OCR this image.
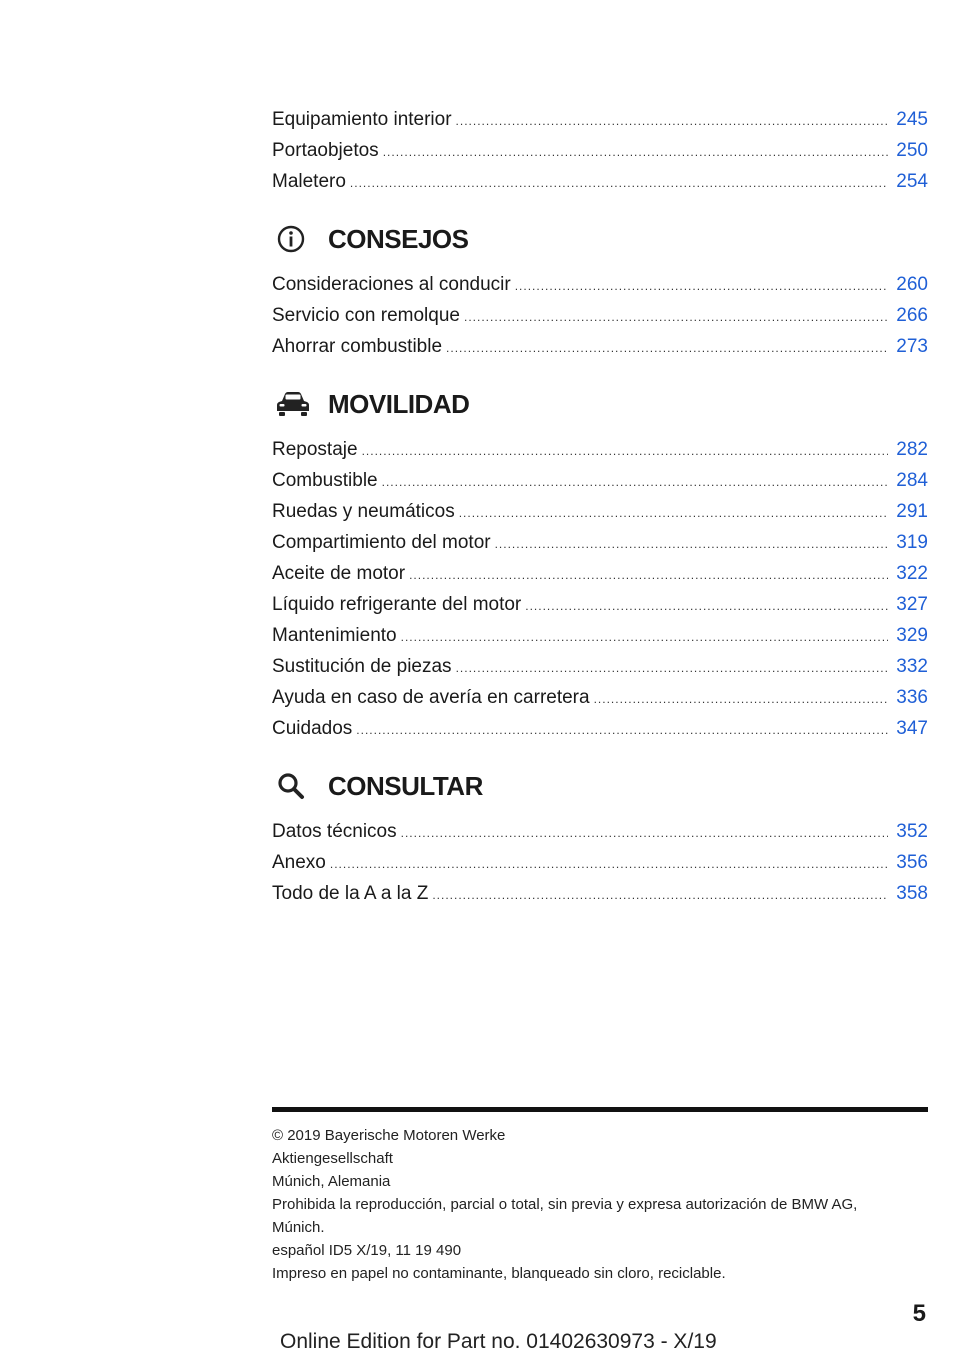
Equipamiento interior .....	245
Portaobjetos .....	250
Maletero .....	254
CONSEJOS
Consideraciones al conducir .....	260
Servicio con remolque .....	266
Ahorrar combustible .....	273
MOVILIDAD
Repostaje .....	282
Combustible .....	284
Ruedas y neumáticos .....	291
Compartimiento del motor .....	319
Aceite de motor .....	322
Líquido refrigerante del motor .....	327
Mantenimiento .....	329
Sustitución de piezas .....	332
Ayuda en caso de avería en carretera .....	336
Cuidados .....	347
CONSULTAR
Datos técnicos .....	352
Anexo .....	356
Todo de la A a la Z .....	358
© 2019 Bayerische Motoren Werke
Aktiengesellschaft
Múnich, Alemania
Prohibida la reproducción, parcial o total, sin previa y expresa autorización de BMW AG,
Múnich.
español ID5 X/19, 11 19 490
Impreso en papel no contaminante, blanqueado sin cloro, reciclable.
5
Online Edition for Part no. 01402630973 - X/19
